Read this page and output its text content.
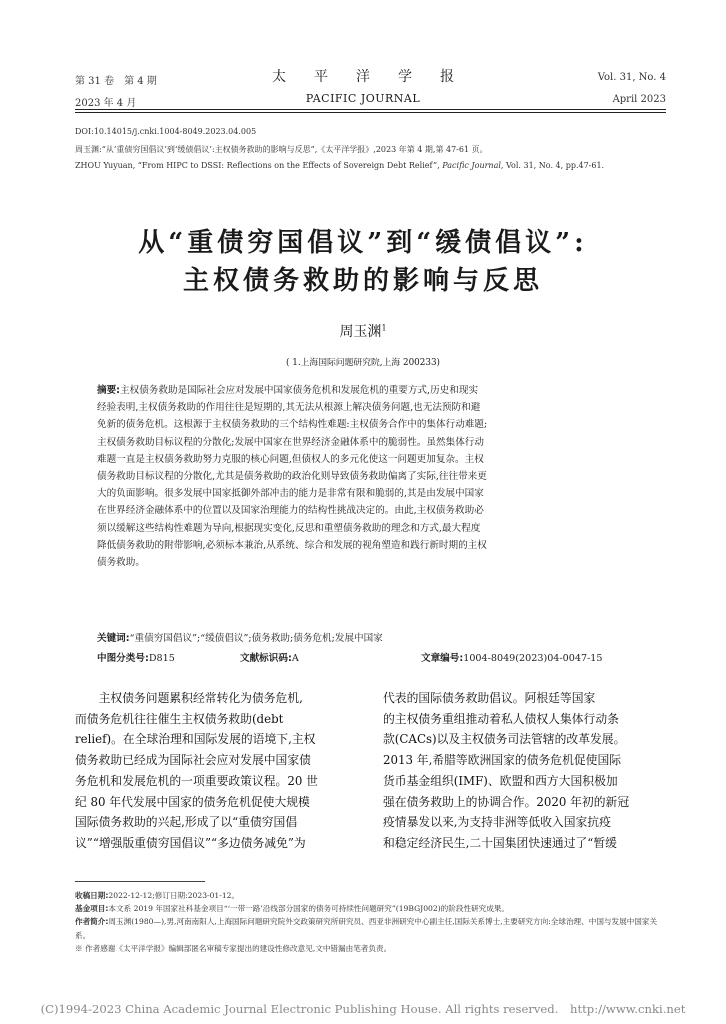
第 31 卷　第 4 期
2023 年 4 月
太　　平　　洋　　学　　报
PACIFIC JOURNAL
Vol. 31, No. 4
April 2023
DOI:10.14015/j.cnki.1004-8049.2023.04.005
周玉渊:“从‘重债穷国倡议’到‘缓债倡议’:主权债务救助的影响与反思”,《太平洋学报》,2023 年第 4 期,第 47-61 页。
ZHOU Yuyuan, “From HIPC to DSSI: Reflections on the Effects of Sovereign Debt Relief”, Pacific Journal, Vol. 31, No. 4, pp.47-61.
从“重债穷国倡议”到“缓债倡议”:
主权债务救助的影响与反思
周玉渊$^1$
( 1.上海国际问题研究院,上海 200233)
摘要:主权债务救助是国际社会应对发展中国家债务危机和发展危机的重要方式,历史和现实
经验表明,主权债务救助的作用往往是短期的,其无法从根源上解决债务问题,也无法预防和避
免新的债务危机。这根源于主权债务救助的三个结构性难题:主权债务合作中的集体行动难题;
主权债务救助目标议程的分散化;发展中国家在世界经济金融体系中的脆弱性。虽然集体行动
难题一直是主权债务救助努力克服的核心问题,但债权人的多元化使这一问题更加复杂。主权
债务救助目标议程的分散化,尤其是债务救助的政治化则导致债务救助偏离了实际,往往带来更
大的负面影响。很多发展中国家抵御外部冲击的能力是非常有限和脆弱的,其是由发展中国家
在世界经济金融体系中的位置以及国家治理能力的结构性挑战决定的。由此,主权债务救助必
须以缓解这些结构性难题为导向,根据现实变化,反思和重塑债务救助的理念和方式,最大程度
降低债务救助的附带影响,必须标本兼治,从系统、综合和发展的视角塑造和践行新时期的主权
债务救助。
关键词:“重债穷国倡议”;“缓债倡议”;债务救助;债务危机;发展中国家
中图分类号:D815	文献标识码:A	文章编号:1004-8049(2023)04-0047-15
　　主权债务问题累积经常转化为债务危机,
而债务危机往往催生主权债务救助(debt
relief)。在全球治理和国际发展的语境下,主权
债务救助已经成为国际社会应对发展中国家债
务危机和发展危机的一项重要政策议程。20 世
纪 80 年代发展中国家的债务危机促使大规模
国际债务救助的兴起,形成了以“重债穷国倡
议”“增强版重债穷国倡议”“多边债务减免”为
代表的国际债务救助倡议。阿根廷等国家
的主权债务重组推动着私人债权人集体行动条
款(CACs)以及主权债务司法管辖的改革发展。
2013 年,希腊等欧洲国家的债务危机促使国际
货币基金组织(IMF)、欧盟和西方大国积极加
强在债务救助上的协调合作。2020 年初的新冠
疫情暴发以来,为支持非洲等低收入国家抗疫
和稳定经济民生,二十国集团快速通过了“暂缓
收稿日期:2022-12-12;修订日期:2023-01-12。
基金项目:本文系 2019 年国家社科基金项目“‘一带一路’沿线部分国家的债务可持续性问题研究”(19BGJ002)的阶段性研究成果。
作者简介:周玉渊(1980—),男,河南南阳人,上海国际问题研究院外交政策研究所研究员、西亚非洲研究中心副主任,国际关系博士,主要研究方向:全球治理、中国与发展中国家关系。
※ 作者感谢《太平洋学报》编辑部匿名审稿专家提出的建设性修改意见,文中错漏由笔者负责。
(C)1994-2023 China Academic Journal Electronic Publishing House. All rights reserved.　http://www.cnki.net
